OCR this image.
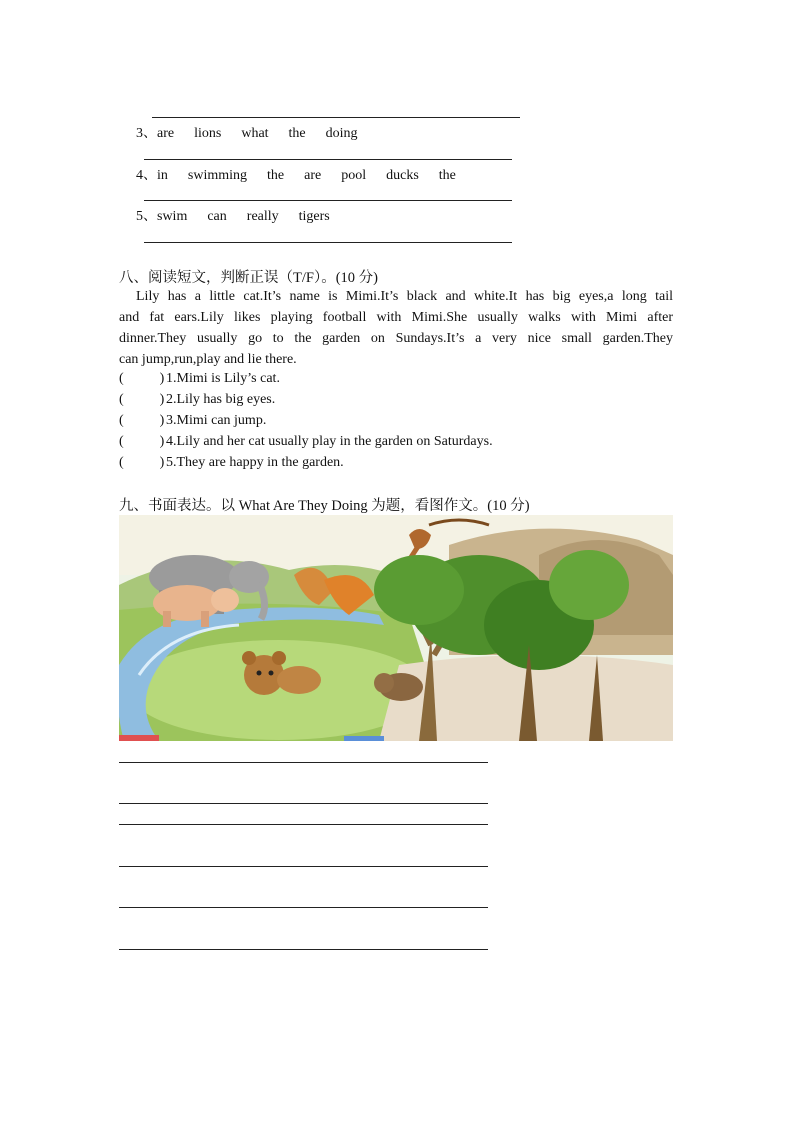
3、are lions what the doing
4、in swimming the are pool ducks the
5、swim can really tigers
八、阅读短文，判断正误（T/F）。(10 分)
Lily has a little cat.It’s name is Mimi.It’s black and white.It has big eyes,a long tail
and fat ears.Lily likes playing football with Mimi.She usually walks with Mimi after
dinner.They usually go to the garden on Sundays.It’s a very nice small garden.They
can jump,run,play and lie there.
(	) 1.Mimi is Lily’s cat.
(	) 2.Lily has big eyes.
(	) 3.Mimi can jump.
(	) 4.Lily and her cat usually play in the garden on Saturdays.
(	) 5.They are happy in the garden.
九、书面表达。以 What Are They Doing 为题，看图作文。(10 分)
